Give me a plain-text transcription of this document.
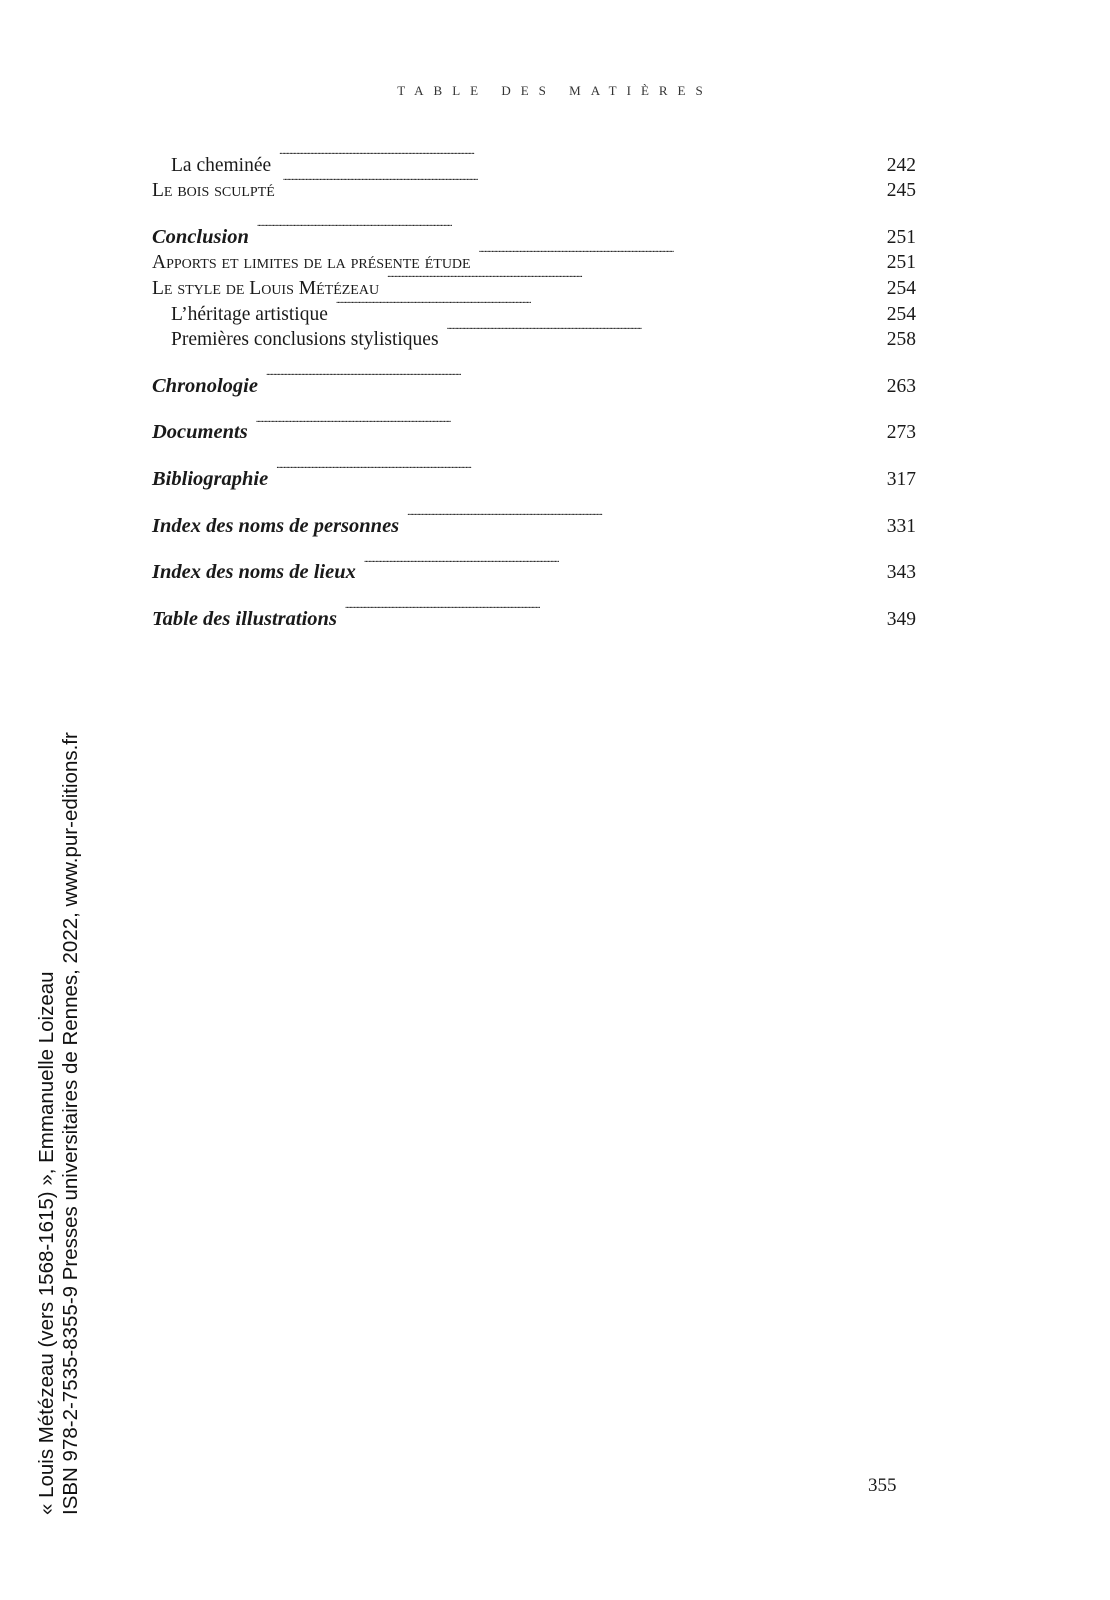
TABLE DES MATIÈRES
La cheminée . . .	242
Le bois sculpté . . .	245
Conclusion . . .	251
Apports et limites de la présente étude . . .	251
Le style de Louis Métézeau . . .	254
L’héritage artistique . . .	254
Premières conclusions stylistiques . . .	258
Chronologie . . .	263
Documents . . .	273
Bibliographie . . .	317
Index des noms de personnes . . .	331
Index des noms de lieux . . .	343
Table des illustrations . . .	349
355
« Louis Métézeau (vers 1568-1615) », Emmanuelle Loizeau ISBN 978-2-7535-8355-9 Presses universitaires de Rennes, 2022, www.pur-editions.fr
